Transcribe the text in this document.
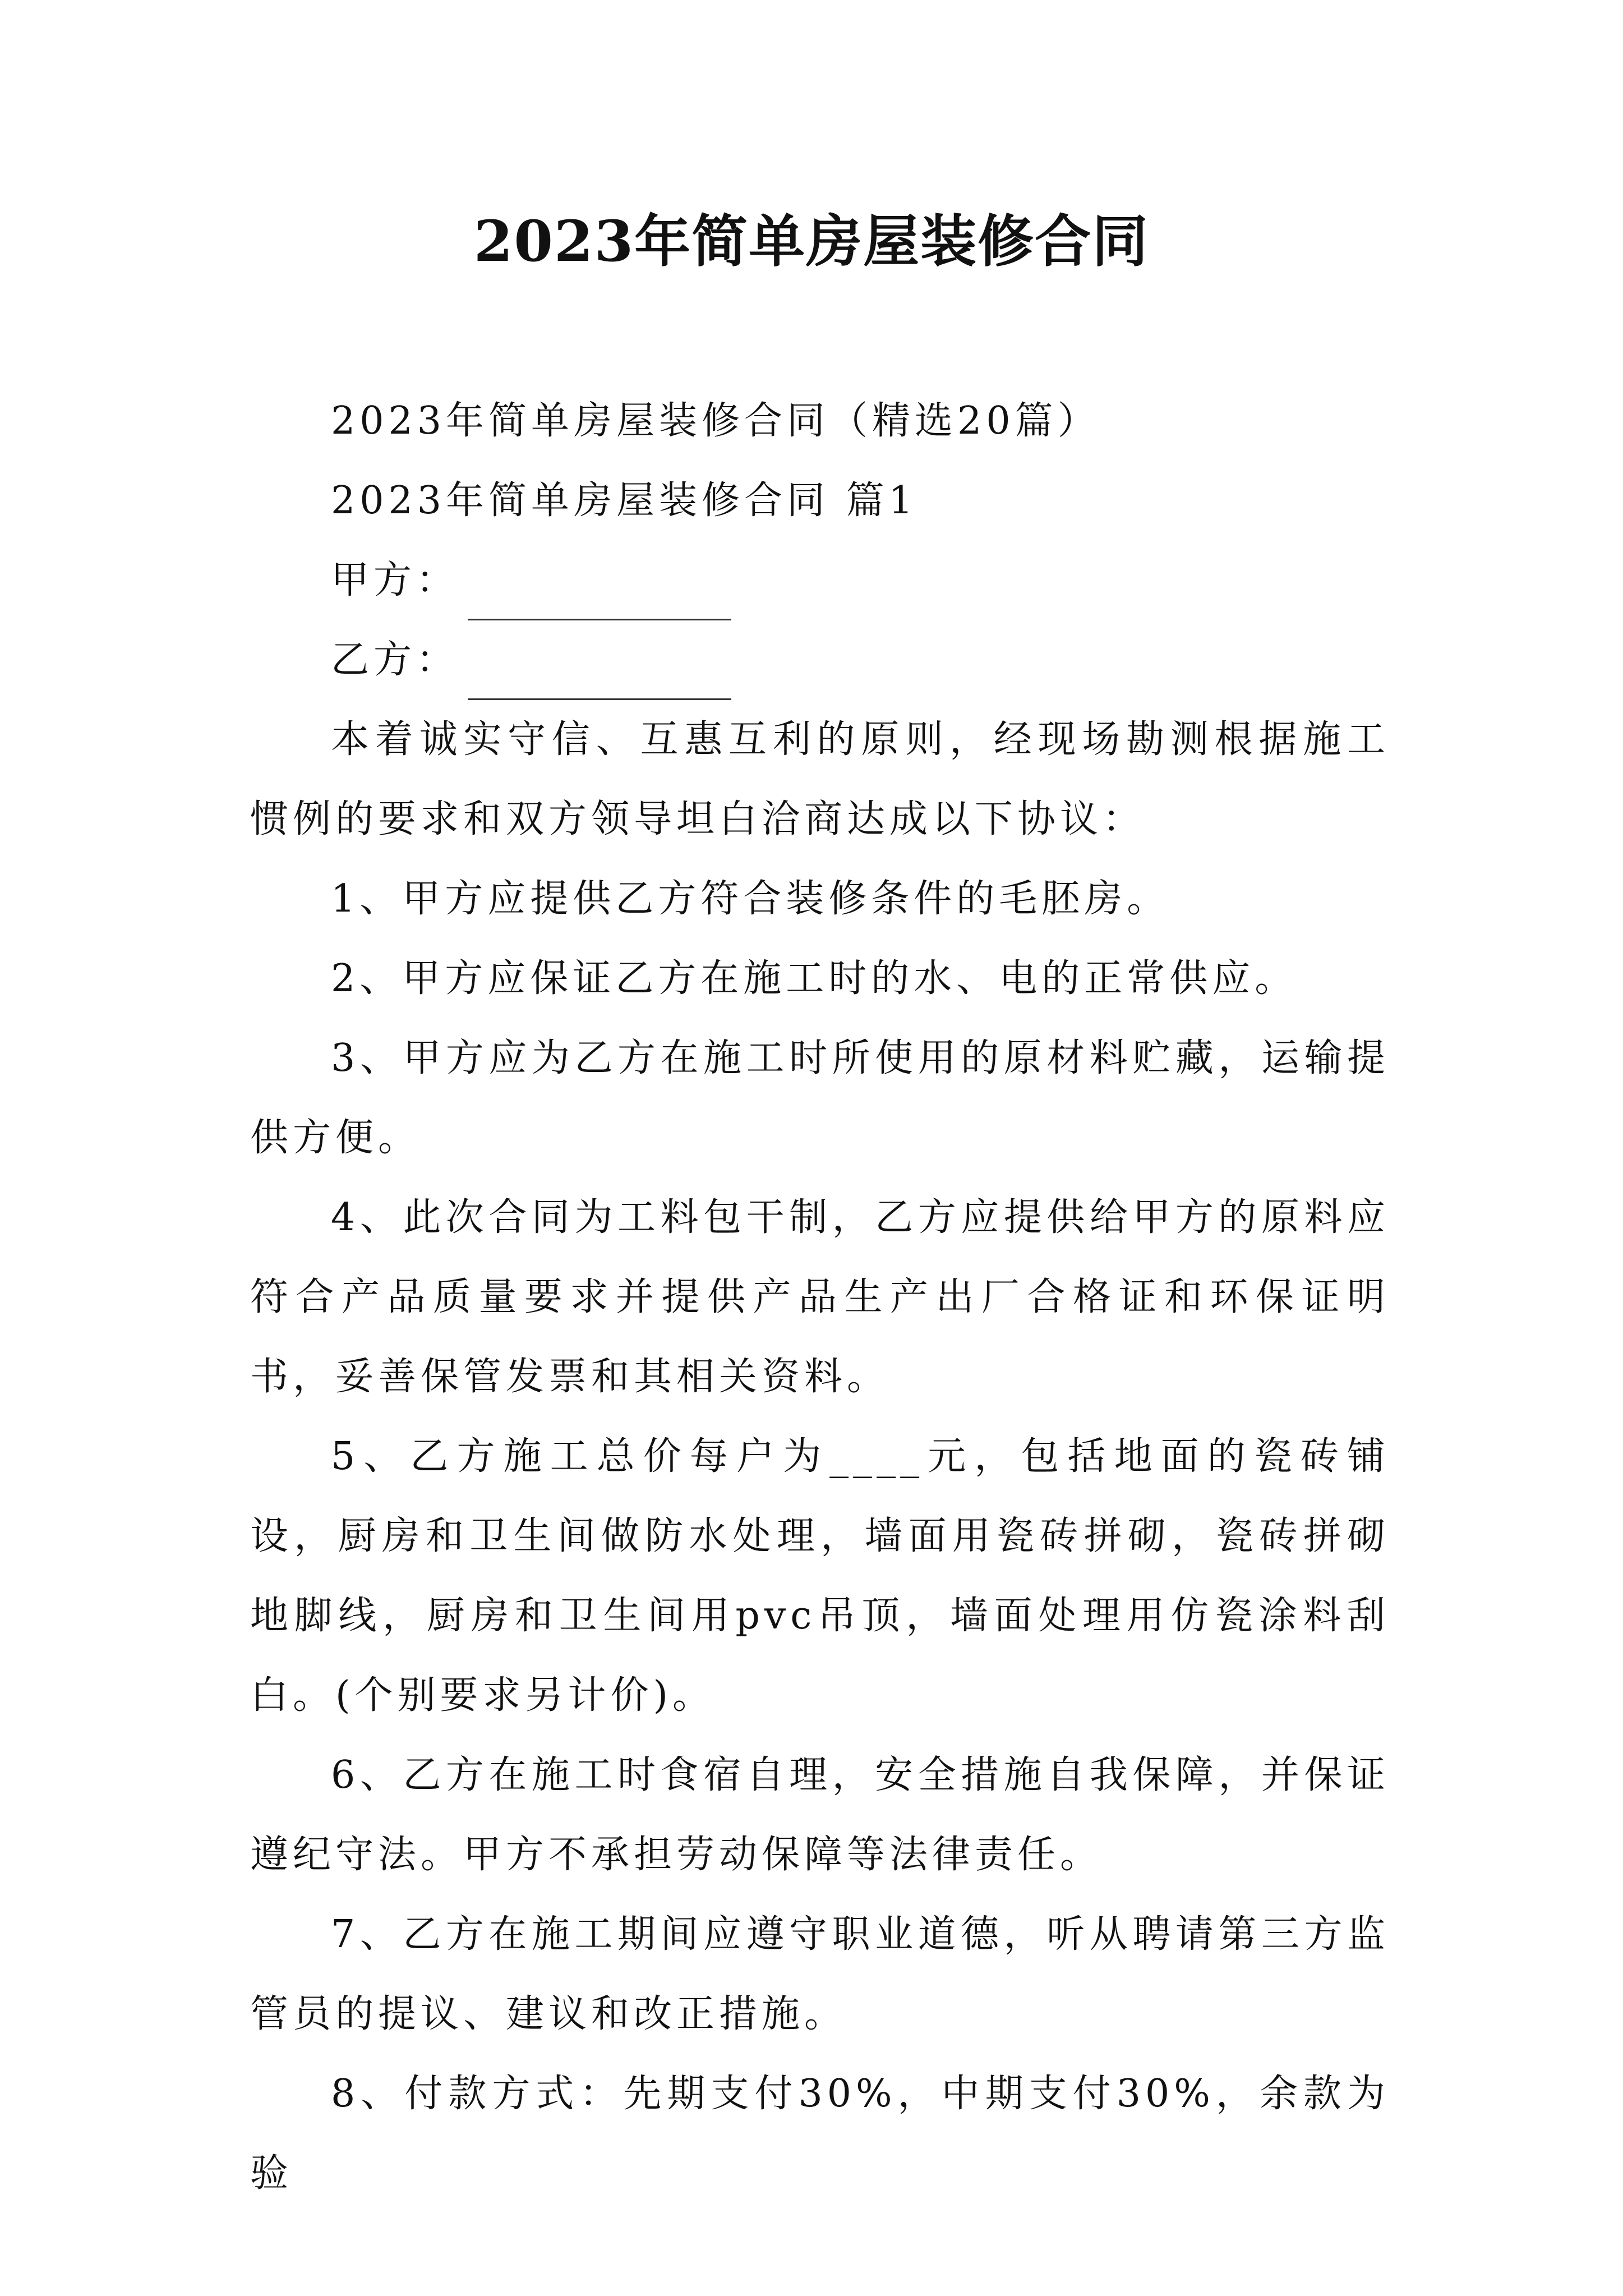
2023年简单房屋装修合同

2023年简单房屋装修合同（精选20篇）

2023年简单房屋装修合同 篇1

甲方：

乙方：

本着诚实守信、互惠互利的原则，经现场勘测根据施工惯例的要求和双方领导坦白洽商达成以下协议：

1、甲方应提供乙方符合装修条件的毛胚房。

2、甲方应保证乙方在施工时的水、电的正常供应。

3、甲方应为乙方在施工时所使用的原材料贮藏，运输提供方便。

4、此次合同为工料包干制，乙方应提供给甲方的原料应符合产品质量要求并提供产品生产出厂合格证和环保证明书，妥善保管发票和其相关资料。

5、乙方施工总价每户为____元，包括地面的瓷砖铺设，厨房和卫生间做防水处理，墙面用瓷砖拼砌，瓷砖拼砌地脚线，厨房和卫生间用pvc吊顶，墙面处理用仿瓷涂料刮白。(个别要求另计价)。

6、乙方在施工时食宿自理，安全措施自我保障，并保证遵纪守法。甲方不承担劳动保障等法律责任。

7、乙方在施工期间应遵守职业道德，听从聘请第三方监管员的提议、建议和改正措施。

8、付款方式：先期支付30%，中期支付30%，余款为验
